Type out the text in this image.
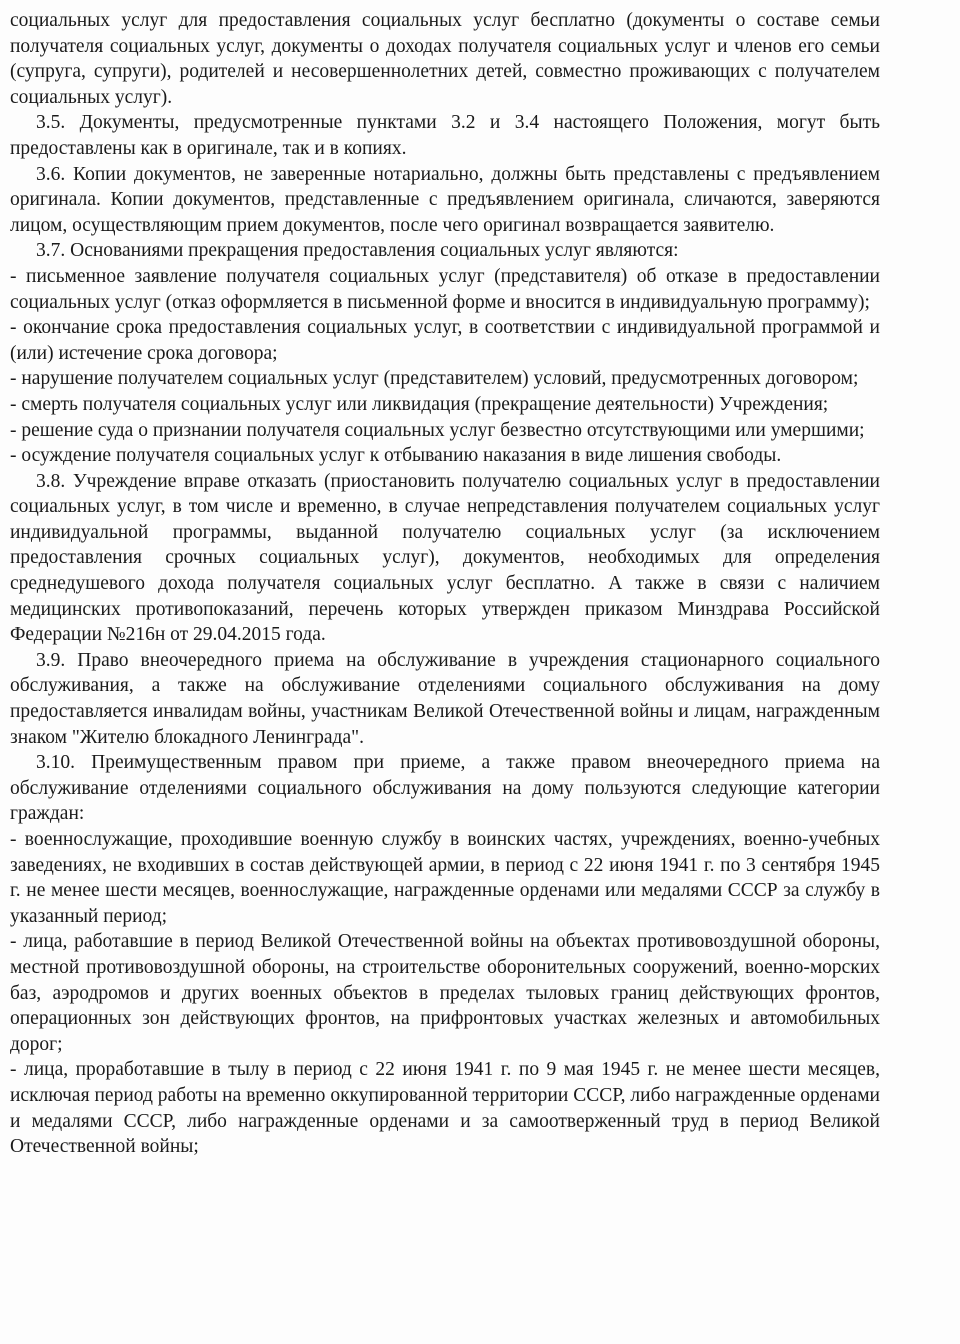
социальных услуг для предоставления социальных услуг бесплатно (документы о составе семьи получателя социальных услуг, документы о доходах получателя социальных услуг и членов его семьи (супруга, супруги), родителей и несовершеннолетних детей, совместно проживающих с получателем социальных услуг).

3.5. Документы, предусмотренные пунктами 3.2 и 3.4 настоящего Положения, могут быть предоставлены как в оригинале, так и в копиях.

3.6. Копии документов, не заверенные нотариально, должны быть представлены с предъявлением оригинала. Копии документов, представленные с предъявлением оригинала, сличаются, заверяются лицом, осуществляющим прием документов, после чего оригинал возвращается заявителю.

3.7. Основаниями прекращения предоставления социальных услуг являются:

- письменное заявление получателя социальных услуг (представителя) об отказе в предоставлении социальных услуг (отказ оформляется в письменной форме и вносится в индивидуальную программу);

- окончание срока предоставления социальных услуг, в соответствии с индивидуальной программой и (или) истечение срока договора;

- нарушение получателем социальных услуг (представителем) условий, предусмотренных договором;

- смерть получателя социальных услуг или ликвидация (прекращение деятельности) Учреждения;

- решение суда о признании получателя социальных услуг безвестно отсутствующими или умершими;

- осуждение получателя социальных услуг к отбыванию наказания в виде лишения свободы.

3.8. Учреждение вправе отказать (приостановить получателю социальных услуг в предоставлении социальных услуг, в том числе и временно, в случае непредставления получателем социальных услуг индивидуальной программы, выданной получателю социальных услуг (за исключением предоставления срочных социальных услуг), документов, необходимых для определения среднедушевого дохода получателя социальных услуг бесплатно. А также в связи с наличием медицинских противопоказаний, перечень которых утвержден приказом Минздрава Российской Федерации №216н от 29.04.2015 года.

3.9. Право внеочередного приема на обслуживание в учреждения стационарного социального обслуживания, а также на обслуживание отделениями социального обслуживания на дому предоставляется инвалидам войны, участникам Великой Отечественной войны и лицам, награжденным знаком "Жителю блокадного Ленинграда".

3.10. Преимущественным правом при приеме, а также правом внеочередного приема на обслуживание отделениями социального обслуживания на дому пользуются следующие категории граждан:

- военнослужащие, проходившие военную службу в воинских частях, учреждениях, военно-учебных заведениях, не входивших в состав действующей армии, в период с 22 июня 1941 г. по 3 сентября 1945 г. не менее шести месяцев, военнослужащие, награжденные орденами или медалями СССР за службу в указанный период;

- лица, работавшие в период Великой Отечественной войны на объектах противовоздушной обороны, местной противовоздушной обороны, на строительстве оборонительных сооружений, военно-морских баз, аэродромов и других военных объектов в пределах тыловых границ действующих фронтов, операционных зон действующих фронтов, на прифронтовых участках железных и автомобильных дорог;

- лица, проработавшие в тылу в период с 22 июня 1941 г. по 9 мая 1945 г. не менее шести месяцев, исключая период работы на временно оккупированной территории СССР, либо награжденные орденами и медалями СССР, либо награжденные орденами и за самоотверженный труд в период Великой Отечественной войны;
